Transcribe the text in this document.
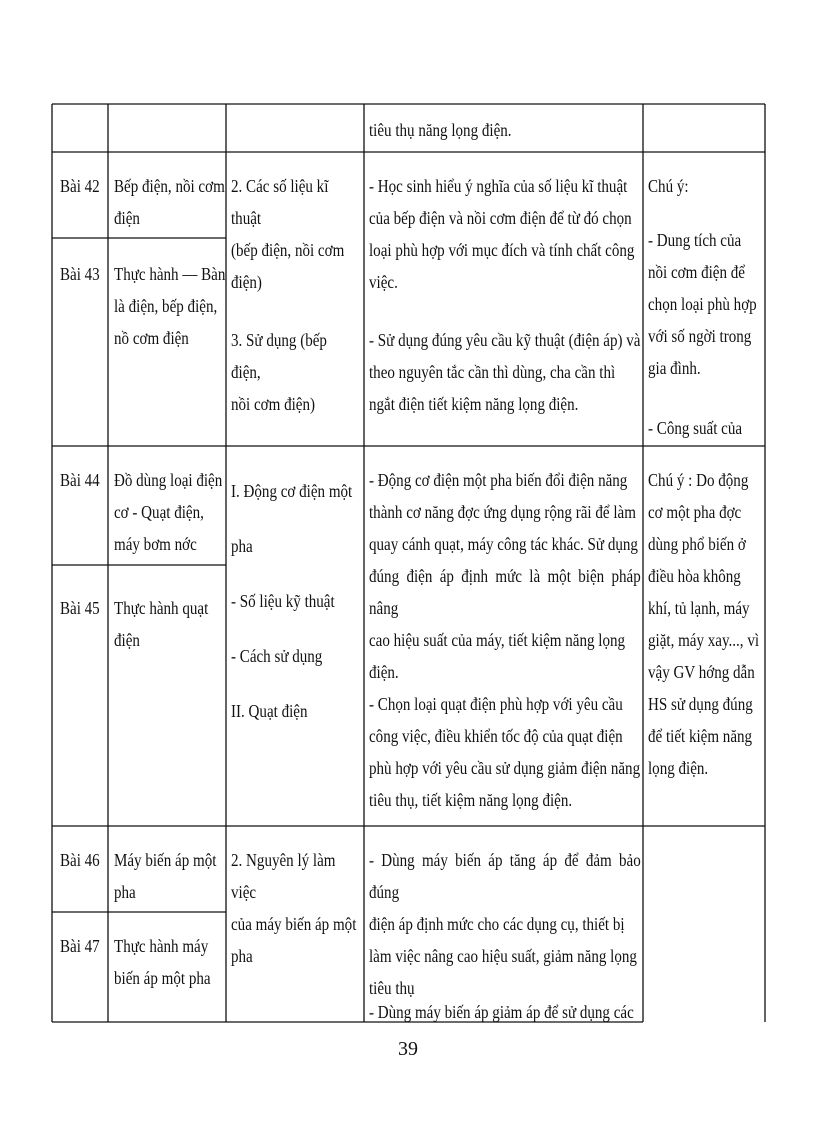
tiêu thụ năng lọng điện.
Bài 42 Bếp điện, nồi cơm
điện
Bài 43 Thực hành — Bàn
là điện, bếp điện,
nồ cơm điện
2. Các số liệu kĩ thuật
(bếp điện, nồi cơm
điện)
3. Sử dụng (bếp điện,
nồi cơm điện)
- Học sinh hiểu ý nghĩa của số liệu kĩ thuật
của bếp điện và nồi cơm điện để từ đó chọn
loại phù hợp với mục đích và tính chất công
việc.
- Sử dụng đúng yêu cầu kỹ thuật (điện áp) và
theo nguyên tắc cần thì dùng, cha cần thì
ngắt điện tiết kiệm năng lọng điện.
Chú ý:
- Dung tích của
nồi cơm điện để
chọn loại phù hợp
với số ngời trong
gia đình.
- Công suất của
Bài 44 Đồ dùng loại điện
cơ - Quạt điện,
máy bơm nớc
Bài 45 Thực hành quạt
điện
I. Động cơ điện một
pha
- Số liệu kỹ thuật
- Cách sử dụng
II. Quạt điện
- Động cơ điện một pha biến đổi điện năng
thành cơ năng đợc ứng dụng rộng rãi để làm
quay cánh quạt, máy công tác khác. Sử dụng
đúng điện áp định mức là một biện pháp nâng
cao hiệu suất của máy, tiết kiệm năng lọng
điện.
- Chọn loại quạt điện phù hợp với yêu cầu
công việc, điều khiển tốc độ của quạt điện
phù hợp với yêu cầu sử dụng giảm điện năng
tiêu thụ, tiết kiệm năng lọng điện.
Chú ý : Do động
cơ một pha đợc
dùng phổ biến ở
điều hòa không
khí, tủ lạnh, máy
giặt, máy xay..., vì
vậy GV hớng dẫn
HS sử dụng đúng
để tiết kiệm năng
lọng điện.
Bài 46 Máy biến áp một
pha
Bài 47 Thực hành máy
biến áp một pha
2. Nguyên lý làm việc
của máy biến áp một
pha
- Dùng máy biến áp tăng áp để đảm bảo đúng
điện áp định mức cho các dụng cụ, thiết bị
làm việc nâng cao hiệu suất, giảm năng lọng
tiêu thụ
- Dùng máy biến áp giảm áp để sử dụng các
39
